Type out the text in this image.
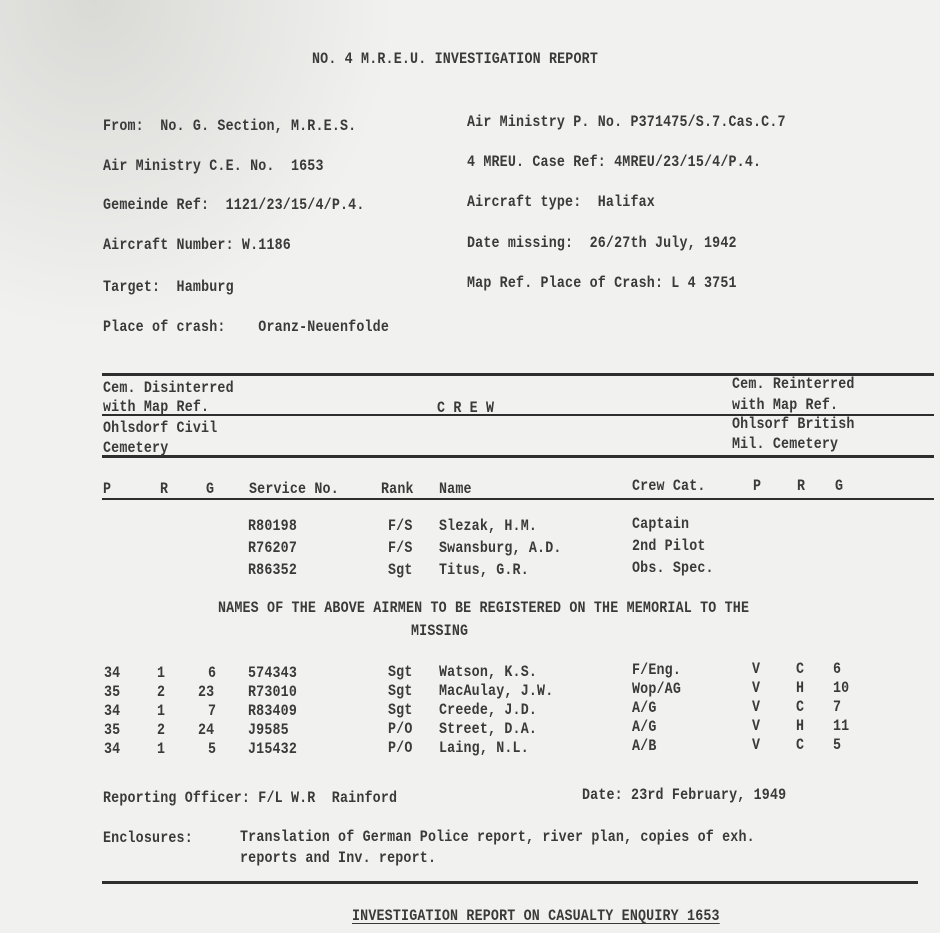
NO. 4 M.R.E.U. INVESTIGATION REPORT
From: No. G. Section, M.R.E.S.
Air Ministry C.E. No. 1653
Gemeinde Ref: 1121/23/15/4/P.4.
Aircraft Number: W.1186
Target: Hamburg
Place of crash: Oranz-Neuenfolde
Air Ministry P. No. P371475/S.7.Cas.C.7
4 MREU. Case Ref: 4MREU/23/15/4/P.4.
Aircraft type: Halifax
Date missing: 26/27th July, 1942
Map Ref. Place of Crash: L 4 3751
Cem. Disinterred
with Map Ref.
Ohlsdorf Civil
Cemetery
C R E W
Cem. Reinterred
with Map Ref.
Ohlsorf British
Mil. Cemetery
P	R G Service No.	Rank Name	Crew Cat.	P R G
R80198	F/S Slezak, H.M.	Captain
R76207	F/S Swansburg, A.D.	2nd Pilot
R86352	Sgt Titus, G.R.	Obs. Spec.
NAMES OF THE ABOVE AIRMEN TO BE REGISTERED ON THE MEMORIAL TO THE
MISSING
34 1	6 574343	Sgt Watson, K.S.	F/Eng.	V C 6
35 2 23 R73010	Sgt MacAulay, J.W.	Wop/AG	V H 10
34 1	7 R83409	Sgt Creede, J.D.	A/G	V C 7
35 2 24 J9585	P/O Street, D.A.	A/G	V H 11
34 1	5 J15432	P/O Laing, N.L.	A/B	V C 5
Reporting Officer: F/L W.R  Rainford	Date: 23rd February, 1949
Enclosures:	Translation of German Police report, river plan, copies of exh.
reports and Inv. report.
INVESTIGATION REPORT ON CASUALTY ENQUIRY 1653
